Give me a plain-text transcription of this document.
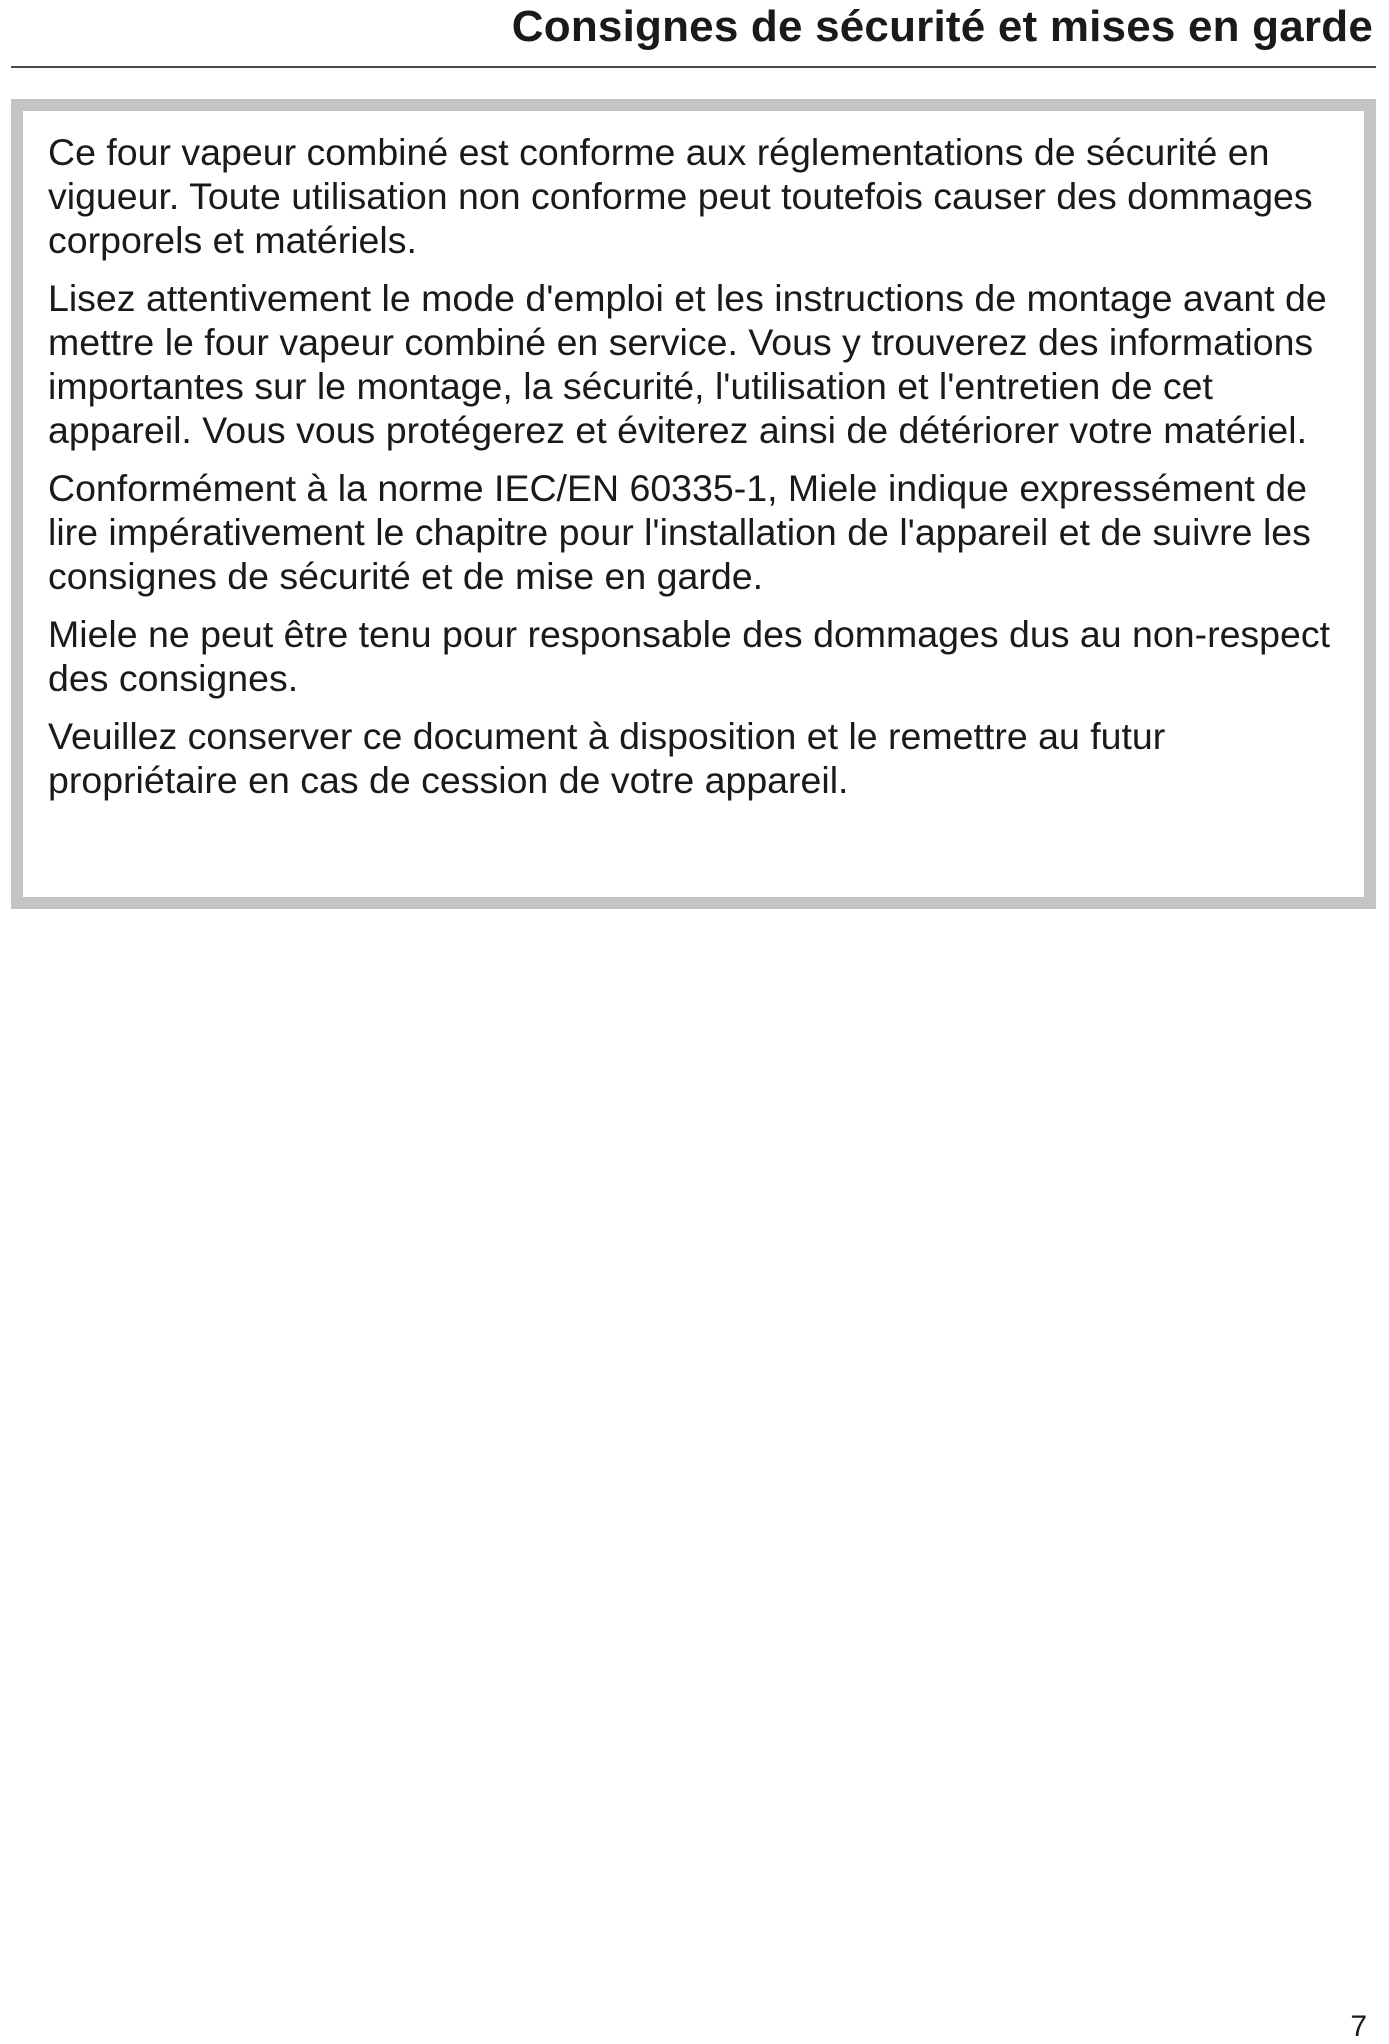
Consignes de sécurité et mises en garde

Ce four vapeur combiné est conforme aux réglementations de sécurité en vigueur. Toute utilisation non conforme peut toutefois causer des dommages corporels et matériels.

Lisez attentivement le mode d'emploi et les instructions de montage avant de mettre le four vapeur combiné en service. Vous y trouverez des informations importantes sur le montage, la sécurité, l'utilisation et l'entretien de cet appareil. Vous vous protégerez et éviterez ainsi de détériorer votre matériel.

Conformément à la norme IEC/EN 60335-1, Miele indique expressément de lire impérativement le chapitre pour l'installation de l'appareil et de suivre les consignes de sécurité et de mise en garde.

Miele ne peut être tenu pour responsable des dommages dus au non-respect des consignes.

Veuillez conserver ce document à disposition et le remettre au futur propriétaire en cas de cession de votre appareil.

7
